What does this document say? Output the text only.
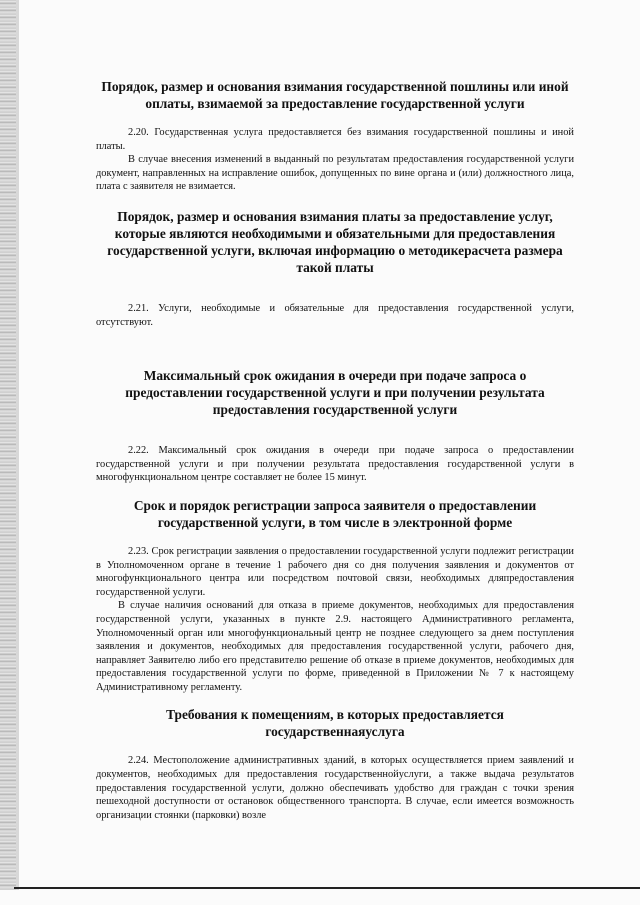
Порядок, размер и основания взимания государственной пошлины или иной оплаты, взимаемой за предоставление государственной услуги

2.20. Государственная услуга предоставляется без взимания государственной пошлины и иной платы.

В случае внесения изменений в выданный по результатам предоставления государственной услуги документ, направленных на исправление ошибок, допущенных по вине органа и (или) должностного лица, плата с заявителя не взимается.

Порядок, размер и основания взимания платы за предоставление услуг, которые являются необходимыми и обязательными для предоставления государственной услуги, включая информацию о методикерасчета размера такой платы

2.21. Услуги, необходимые и обязательные для предоставления государственной услуги, отсутствуют.

Максимальный срок ожидания в очереди при подаче запроса о предоставлении государственной услуги и при получении результата предоставления государственной услуги

2.22. Максимальный срок ожидания в очереди при подаче запроса о предоставлении государственной услуги и при получении результата предоставления государственной услуги в многофункциональном центре составляет не более 15 минут.

Срок и порядок регистрации запроса заявителя о предоставлении государственной услуги, в том числе в электронной форме

2.23. Срок регистрации заявления о предоставлении государственной услуги подлежит регистрации в Уполномоченном органе в течение 1 рабочего дня со дня получения заявления и документов от многофункционального центра или посредством почтовой связи, необходимых дляпредоставления государственной услуги.

В случае наличия оснований для отказа в приеме документов, необходимых для предоставления государственной услуги, указанных в пункте 2.9. настоящего Административного регламента, Уполномоченный орган или многофункциональный центр не позднее следующего за днем поступления заявления и документов, необходимых для предоставления государственной услуги, рабочего дня, направляет Заявителю либо его представителю решение об отказе в приеме документов, необходимых для предоставления государственной услуги по форме, приведенной в Приложении № 7 к настоящему Административному регламенту.

Требования к помещениям, в которых предоставляется государственнаяуслуга

2.24. Местоположение административных зданий, в которых осуществляется прием заявлений и документов, необходимых для предоставления государственнойуслуги, а также выдача результатов предоставления государственной услуги, должно обеспечивать удобство для граждан с точки зрения пешеходной доступности от остановок общественного транспорта. В случае, если имеется возможность организации стоянки (парковки) возле
